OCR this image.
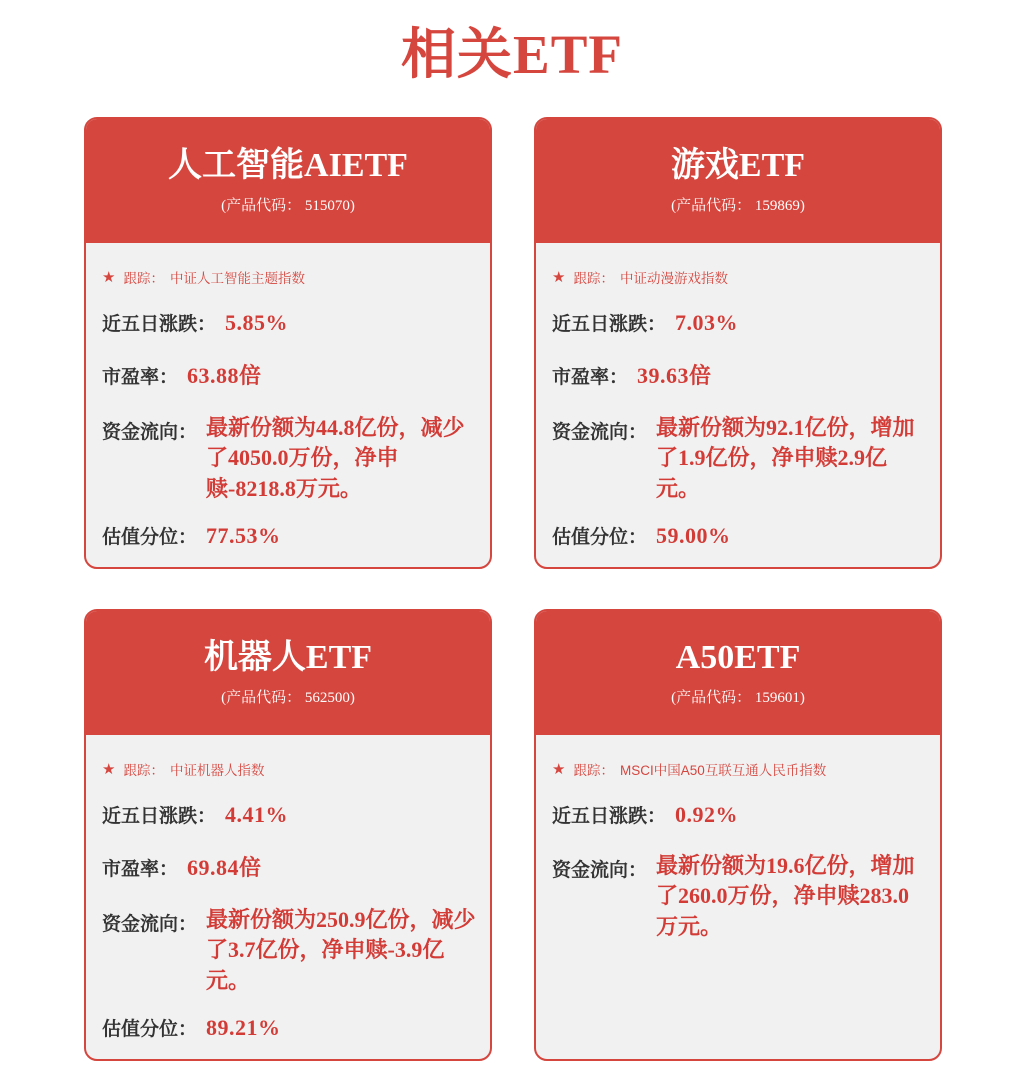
相关ETF
人工智能AIETF
(产品代码： 515070)
★ 跟踪： 中证人工智能主题指数
近五日涨跌： 5.85%
市盈率： 63.88倍
资金流向： 最新份额为44.8亿份，减少了4050.0万份，净申赎-8218.8万元。
估值分位： 77.53%
游戏ETF
(产品代码： 159869)
★ 跟踪： 中证动漫游戏指数
近五日涨跌： 7.03%
市盈率： 39.63倍
资金流向： 最新份额为92.1亿份，增加了1.9亿份，净申赎2.9亿元。
估值分位： 59.00%
机器人ETF
(产品代码： 562500)
★ 跟踪： 中证机器人指数
近五日涨跌： 4.41%
市盈率： 69.84倍
资金流向： 最新份额为250.9亿份，减少了3.7亿份，净申赎-3.9亿元。
估值分位： 89.21%
A50ETF
(产品代码： 159601)
★ 跟踪： MSCI中国A50互联互通人民币指数
近五日涨跌： 0.92%
资金流向： 最新份额为19.6亿份，增加了260.0万份，净申赎283.0万元。
